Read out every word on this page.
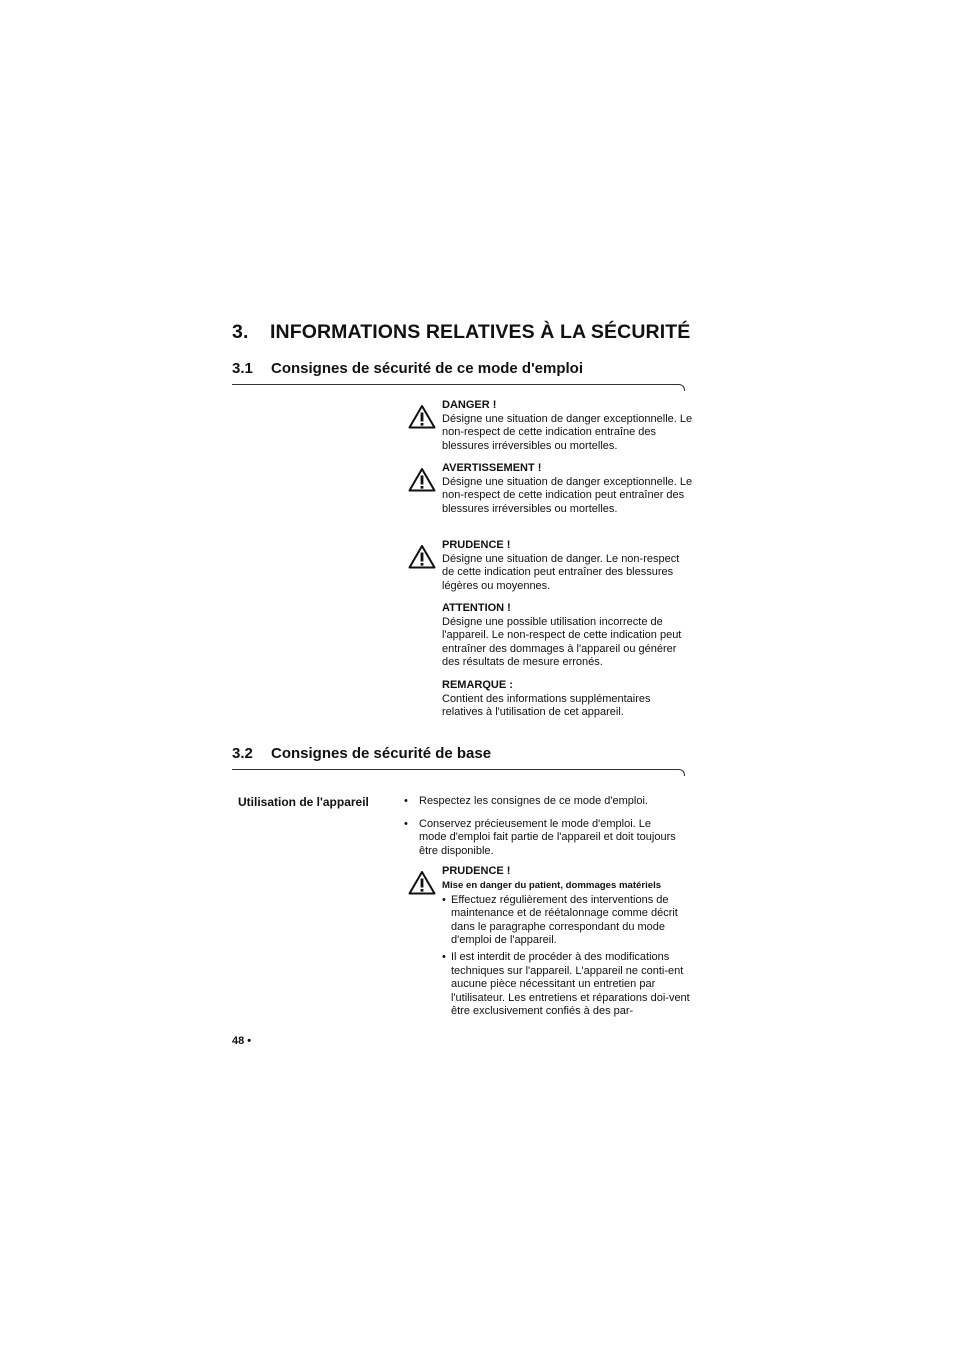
3. INFORMATIONS RELATIVES À LA SÉCURITÉ
3.1 Consignes de sécurité de ce mode d'emploi
DANGER !
Désigne une situation de danger exceptionnelle. Le non-respect de cette indication entraîne des blessures irréversibles ou mortelles.
AVERTISSEMENT !
Désigne une situation de danger exceptionnelle. Le non-respect de cette indication peut entraîner des blessures irréversibles ou mortelles.
PRUDENCE !
Désigne une situation de danger. Le non-respect de cette indication peut entraîner des blessures légères ou moyennes.
ATTENTION !
Désigne une possible utilisation incorrecte de l'appareil. Le non-respect de cette indication peut entraîner des dommages à l'appareil ou générer des résultats de mesure erronés.
REMARQUE :
Contient des informations supplémentaires relatives à l'utilisation de cet appareil.
3.2 Consignes de sécurité de base
Utilisation de l'appareil	• Respectez les consignes de ce mode d'emploi.
• Conservez précieusement le mode d'emploi. Le mode d'emploi fait partie de l'appareil et doit toujours être disponible.
PRUDENCE !
Mise en danger du patient, dommages matériels
• Effectuez régulièrement des interventions de maintenance et de réétalonnage comme décrit dans le paragraphe correspondant du mode d'emploi de l'appareil.
• Il est interdit de procéder à des modifications techniques sur l'appareil. L'appareil ne conti-ent aucune pièce nécessitant un entretien par l'utilisateur. Les entretiens et réparations doi-vent être exclusivement confiés à des par-
48 •
